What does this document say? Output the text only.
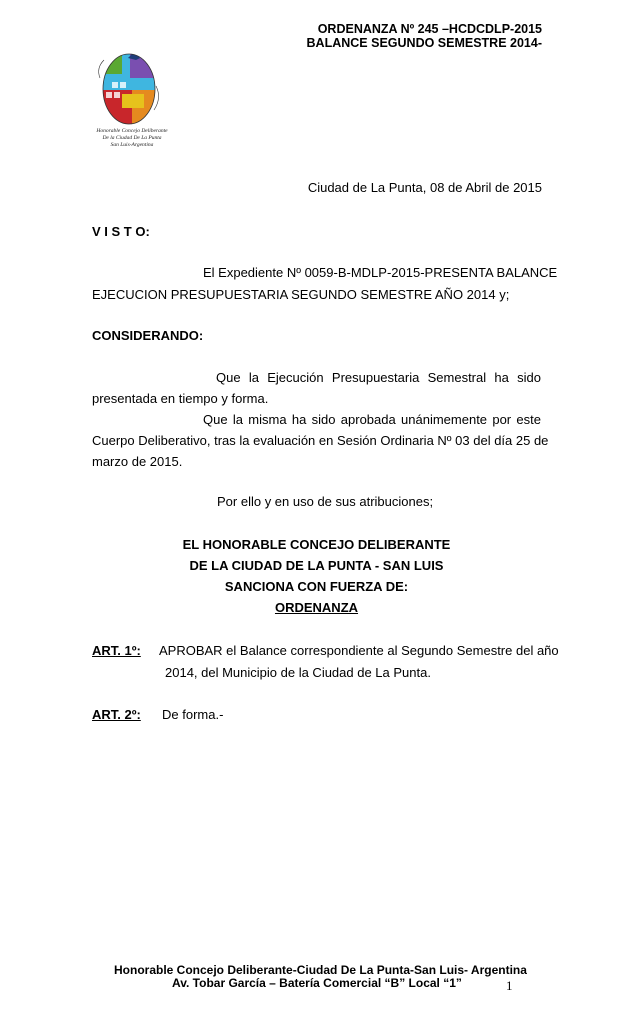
ORDENANZA Nº 245 –HCDCDLP-2015
BALANCE SEGUNDO SEMESTRE 2014-
Honorable Concejo Deliberante
De la Ciudad De La Punta
San Luis-Argentina
Ciudad de La Punta, 08 de Abril de 2015
V I S T O:
El Expediente Nº 0059-B-MDLP-2015-PRESENTA BALANCE
EJECUCION PRESUPUESTARIA SEGUNDO SEMESTRE AÑO 2014 y;
CONSIDERANDO:
Que la Ejecución Presupuestaria Semestral ha sido
presentada en tiempo y forma.
Que la misma ha sido aprobada unánimemente por este
Cuerpo Deliberativo, tras la evaluación en Sesión Ordinaria Nº 03 del día 25 de
marzo de 2015.
Por ello y en uso de sus atribuciones;
EL HONORABLE CONCEJO DELIBERANTE
DE LA CIUDAD DE LA PUNTA - SAN LUIS
SANCIONA CON FUERZA DE:
ORDENANZA
ART. 1º: APROBAR el Balance correspondiente al Segundo Semestre del año
2014, del Municipio de la Ciudad de La Punta.
ART. 2º: De forma.-
Honorable Concejo Deliberante-Ciudad De La Punta-San Luis- Argentina
Av. Tobar García – Batería Comercial “B” Local “1”	1
